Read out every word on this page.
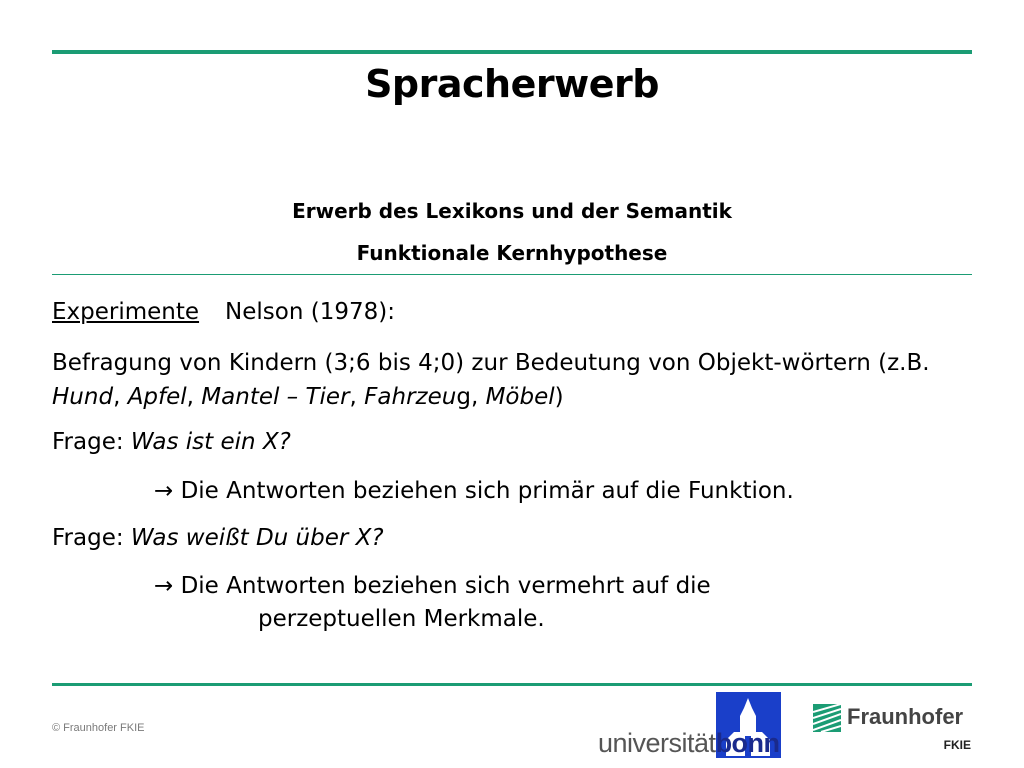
Spracherwerb
Erwerb des Lexikons und der Semantik
Funktionale Kernhypothese
Experimente Nelson (1978):
Befragung von Kindern (3;6 bis 4;0) zur Bedeutung von Objekt-wörtern (z.B. Hund, Apfel, Mantel – Tier, Fahrzeug, Möbel)
Frage: Was ist ein X?
→ Die Antworten beziehen sich primär auf die Funktion.
Frage: Was weißt Du über X?
→ Die Antworten beziehen sich vermehrt auf die
perzeptuellen Merkmale.
© Fraunhofer FKIE	universitätbonn
Fraunhofer
FKIE
